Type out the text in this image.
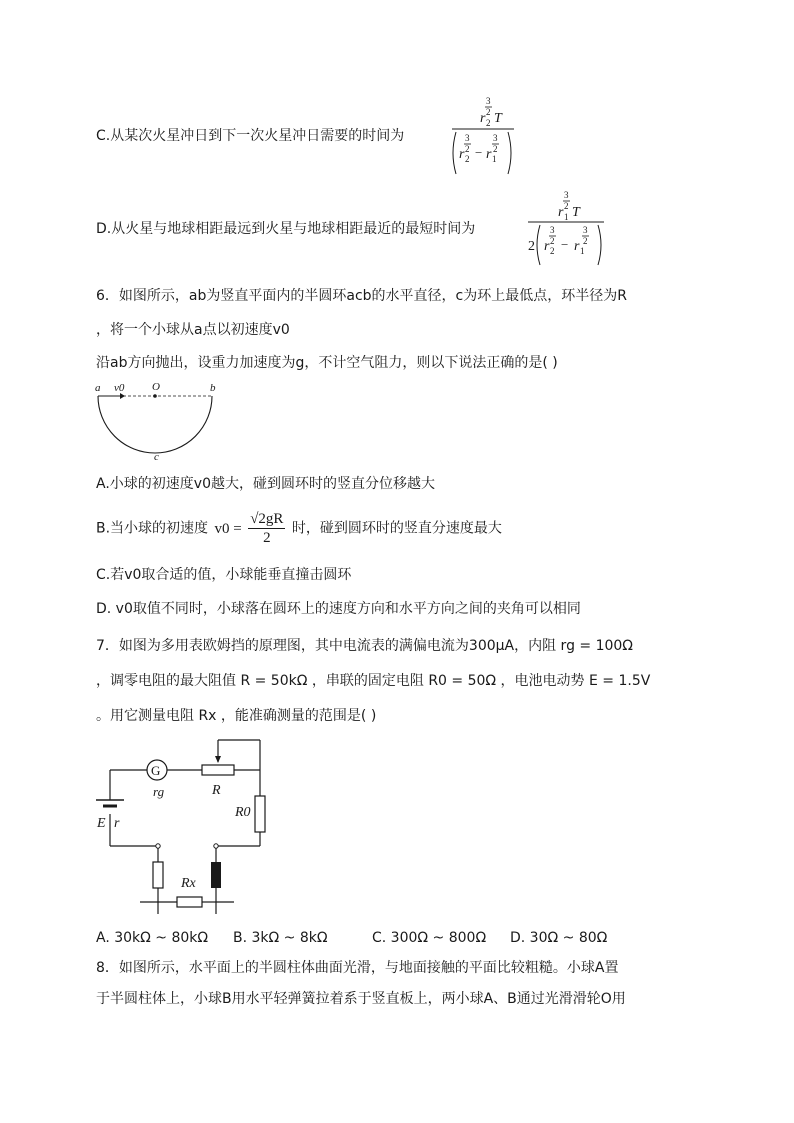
C.从某次火星冲日到下一次火星冲日需要的时间为
r 2
3
2 T
r 2
3
2 − r 1
3
2
D.从火星与地球相距最远到火星与地球相距最近的最短时间为
r 1
3
2 T
2 r 2
3
2 − r 1
3
2
6．如图所示，ab为竖直平面内的半圆环acb的水平直径，c为环上最低点，环半径为R
，将一个小球从a点以初速度v0
沿ab方向抛出，设重力加速度为g，不计空气阻力，则以下说法正确的是( )
a v0	O	b
c
A.小球的初速度v0越大，碰到圆环时的竖直分位移越大
B.当小球的初速度 $v0 = \frac{√2gR}{2}$ 时，碰到圆环时的竖直分速度最大
C.若v0取合适的值，小球能垂直撞击圆环
D. v0取值不同时，小球落在圆环上的速度方向和水平方向之间的夹角可以相同
7．如图为多用表欧姆挡的原理图，其中电流表的满偏电流为300μA，内阻 rg = 100Ω
，调零电阻的最大阻值 R = 50kΩ ，串联的固定电阻 R0 = 50Ω ，电池电动势 E = 1.5V
。用它测量电阻 Rx ，能准确测量的范围是( )
G
rg	R
R0
E r
Rx
A. 30kΩ ~ 80kΩ B. 3kΩ ~ 8kΩ	C. 300Ω ~ 800Ω D. 30Ω ~ 80Ω
8．如图所示，水平面上的半圆柱体曲面光滑，与地面接触的平面比较粗糙。小球A置
于半圆柱体上，小球B用水平轻弹簧拉着系于竖直板上，两小球A、B通过光滑滑轮O用
